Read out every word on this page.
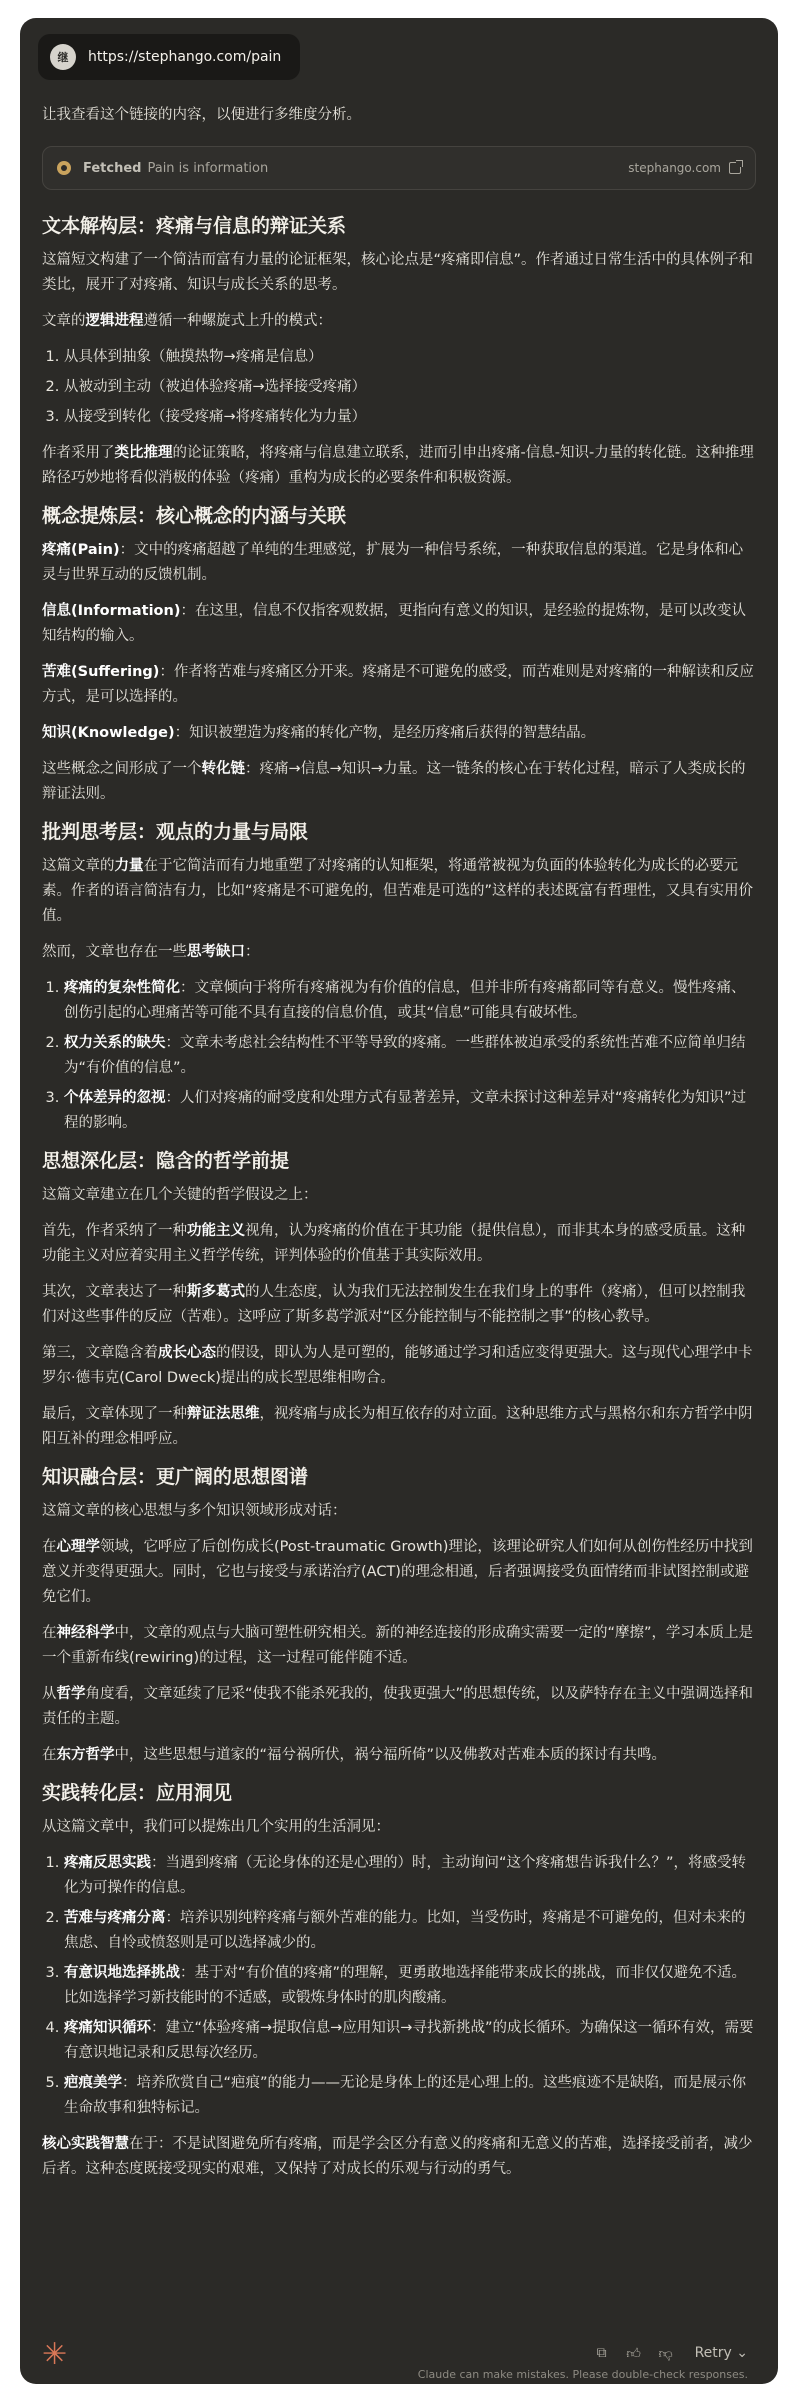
继	https://stephango.com/pain

让我查看这个链接的内容，以便进行多维度分析。

Fetched Pain is information	stephango.com
文本解构层：疼痛与信息的辩证关系

这篇短文构建了一个简洁而富有力量的论证框架，核心论点是“疼痛即信息”。作者通过日常生活中的具体例子和类比，展开了对疼痛、知识与成长关系的思考。

文章的逻辑进程遵循一种螺旋式上升的模式：

1. 从具体到抽象（触摸热物→疼痛是信息）
2. 从被动到主动（被迫体验疼痛→选择接受疼痛）
3. 从接受到转化（接受疼痛→将疼痛转化为力量）

作者采用了类比推理的论证策略，将疼痛与信息建立联系，进而引申出疼痛-信息-知识-力量的转化链。这种推理路径巧妙地将看似消极的体验（疼痛）重构为成长的必要条件和积极资源。

概念提炼层：核心概念的内涵与关联

疼痛(Pain)：文中的疼痛超越了单纯的生理感觉，扩展为一种信号系统，一种获取信息的渠道。它是身体和心灵与世界互动的反馈机制。

信息(Information)：在这里，信息不仅指客观数据，更指向有意义的知识，是经验的提炼物，是可以改变认知结构的输入。

苦难(Suffering)：作者将苦难与疼痛区分开来。疼痛是不可避免的感受，而苦难则是对疼痛的一种解读和反应方式，是可以选择的。

知识(Knowledge)：知识被塑造为疼痛的转化产物，是经历疼痛后获得的智慧结晶。

这些概念之间形成了一个转化链：疼痛→信息→知识→力量。这一链条的核心在于转化过程，暗示了人类成长的辩证法则。

批判思考层：观点的力量与局限

这篇文章的力量在于它简洁而有力地重塑了对疼痛的认知框架，将通常被视为负面的体验转化为成长的必要元素。作者的语言简洁有力，比如“疼痛是不可避免的，但苦难是可选的”这样的表述既富有哲理性，又具有实用价值。

然而，文章也存在一些思考缺口：

1. 疼痛的复杂性简化：文章倾向于将所有疼痛视为有价值的信息，但并非所有疼痛都同等有意义。慢性疼痛、创伤引起的心理痛苦等可能不具有直接的信息价值，或其“信息”可能具有破坏性。
2. 权力关系的缺失：文章未考虑社会结构性不平等导致的疼痛。一些群体被迫承受的系统性苦难不应简单归结为“有价值的信息”。
3. 个体差异的忽视：人们对疼痛的耐受度和处理方式有显著差异，文章未探讨这种差异对“疼痛转化为知识”过程的影响。
思想深化层：隐含的哲学前提

这篇文章建立在几个关键的哲学假设之上：

首先，作者采纳了一种功能主义视角，认为疼痛的价值在于其功能（提供信息），而非其本身的感受质量。这种功能主义对应着实用主义哲学传统，评判体验的价值基于其实际效用。

其次，文章表达了一种斯多葛式的人生态度，认为我们无法控制发生在我们身上的事件（疼痛），但可以控制我们对这些事件的反应（苦难）。这呼应了斯多葛学派对“区分能控制与不能控制之事”的核心教导。

第三，文章隐含着成长心态的假设，即认为人是可塑的，能够通过学习和适应变得更强大。这与现代心理学中卡罗尔·德韦克(Carol Dweck)提出的成长型思维相吻合。

最后，文章体现了一种辩证法思维，视疼痛与成长为相互依存的对立面。这种思维方式与黑格尔和东方哲学中阴阳互补的理念相呼应。

知识融合层：更广阔的思想图谱

这篇文章的核心思想与多个知识领域形成对话：

在心理学领域，它呼应了后创伤成长(Post-traumatic Growth)理论，该理论研究人们如何从创伤性经历中找到意义并变得更强大。同时，它也与接受与承诺治疗(ACT)的理念相通，后者强调接受负面情绪而非试图控制或避免它们。

在神经科学中，文章的观点与大脑可塑性研究相关。新的神经连接的形成确实需要一定的“摩擦”，学习本质上是一个重新布线(rewiring)的过程，这一过程可能伴随不适。

从哲学角度看，文章延续了尼采“使我不能杀死我的，使我更强大”的思想传统，以及萨特存在主义中强调选择和责任的主题。

在东方哲学中，这些思想与道家的“福兮祸所伏，祸兮福所倚”以及佛教对苦难本质的探讨有共鸣。

实践转化层：应用洞见

从这篇文章中，我们可以提炼出几个实用的生活洞见：

1. 疼痛反思实践：当遇到疼痛（无论身体的还是心理的）时，主动询问“这个疼痛想告诉我什么？”，将感受转化为可操作的信息。
2. 苦难与疼痛分离：培养识别纯粹疼痛与额外苦难的能力。比如，当受伤时，疼痛是不可避免的，但对未来的焦虑、自怜或愤怒则是可以选择减少的。
3. 有意识地选择挑战：基于对“有价值的疼痛”的理解，更勇敢地选择能带来成长的挑战，而非仅仅避免不适。比如选择学习新技能时的不适感，或锻炼身体时的肌肉酸痛。
4. 疼痛知识循环：建立“体验疼痛→提取信息→应用知识→寻找新挑战”的成长循环。为确保这一循环有效，需要有意识地记录和反思每次经历。
5. 疤痕美学：培养欣赏自己“疤痕”的能力——无论是身体上的还是心理上的。这些痕迹不是缺陷，而是展示你生命故事和独特标记。

核心实践智慧在于：不是试图避免所有疼痛，而是学会区分有意义的疼痛和无意义的苦难，选择接受前者，减少后者。这种态度既接受现实的艰难，又保持了对成长的乐观与行动的勇气。

✳	⧉	👍︎ 👎︎ Retry ⌄
Claude can make mistakes. Please double-check responses.
